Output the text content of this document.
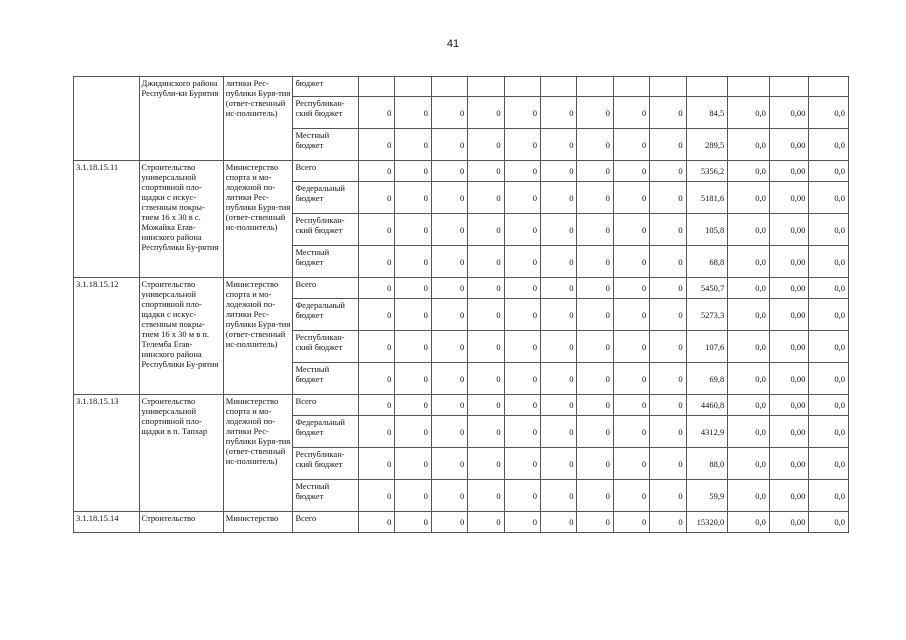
41
	Джидинского района Республи-ки Бурятия	литики Рес-публики Буря-тия (ответ-ственный ис-полнитель)	бюджет													
			Республикан-ский бюджет	0	0	0	0	0	0	0	0	0	84,5	0,0	0,00	0,0
			Местный бюджет	0	0	0	0	0	0	0	0	0	289,5	0,0	0,00	0,0
3.1.18.15.11	Строительство универсальной спортивной пло-щадки с искус-ственным покры-тием 16 х 30 в с. Можайка Erав-нинского района Республики Бу-рятия	Министерство спорта и мо-лодежной по-литики Рес-публики Буря-тия (ответ-ственный ис-полнитель)	Всего	0	0	0	0	0	0	0	0	0	5356,2	0,0	0,00	0,0
			Федеральный бюджет	0	0	0	0	0	0	0	0	0	5181,6	0,0	0,00	0,0
			Республикан-ский бюджет	0	0	0	0	0	0	0	0	0	105,8	0,0	0,00	0,0
			Местный бюджет	0	0	0	0	0	0	0	0	0	68,8	0,0	0,00	0,0
3.1.18.15.12	Строительство универсальной спортивной пло-щадки с искус-ственным покры-тием 16 х 30 м в п. Телемба Erав-нинского района Республики Бу-рятия	Министерство спорта и мо-лодежной по-литики Рес-публики Буря-тия (ответ-ственный ис-полнитель)	Всего	0	0	0	0	0	0	0	0	0	5450,7	0,0	0,00	0,0
			Федеральный бюджет	0	0	0	0	0	0	0	0	0	5273,3	0,0	0,00	0,0
			Республикан-ский бюджет	0	0	0	0	0	0	0	0	0	107,6	0,0	0,00	0,0
			Местный бюджет	0	0	0	0	0	0	0	0	0	69,8	0,0	0,00	0,0
3.1.18.15.13	Строительство универсальной спортивной пло-щадки в п. Таnхар	Министерство спорта и мо-лодежной по-литики Рес-публики Буря-тия (ответ-ственный ис-полнитель)	Всего	0	0	0	0	0	0	0	0	0	4460,8	0,0	0,00	0,0
			Федеральный бюджет	0	0	0	0	0	0	0	0	0	4312,9	0,0	0,00	0,0
			Республикан-ский бюджет	0	0	0	0	0	0	0	0	0	88,0	0,0	0,00	0,0
			Местный бюджет	0	0	0	0	0	0	0	0	0	59,9	0,0	0,00	0,0
3.1.18.15.14	Строительство	Министерство	Всего	0	0	0	0	0	0	0	0	0	15320,0	0,0	0,00	0,0
